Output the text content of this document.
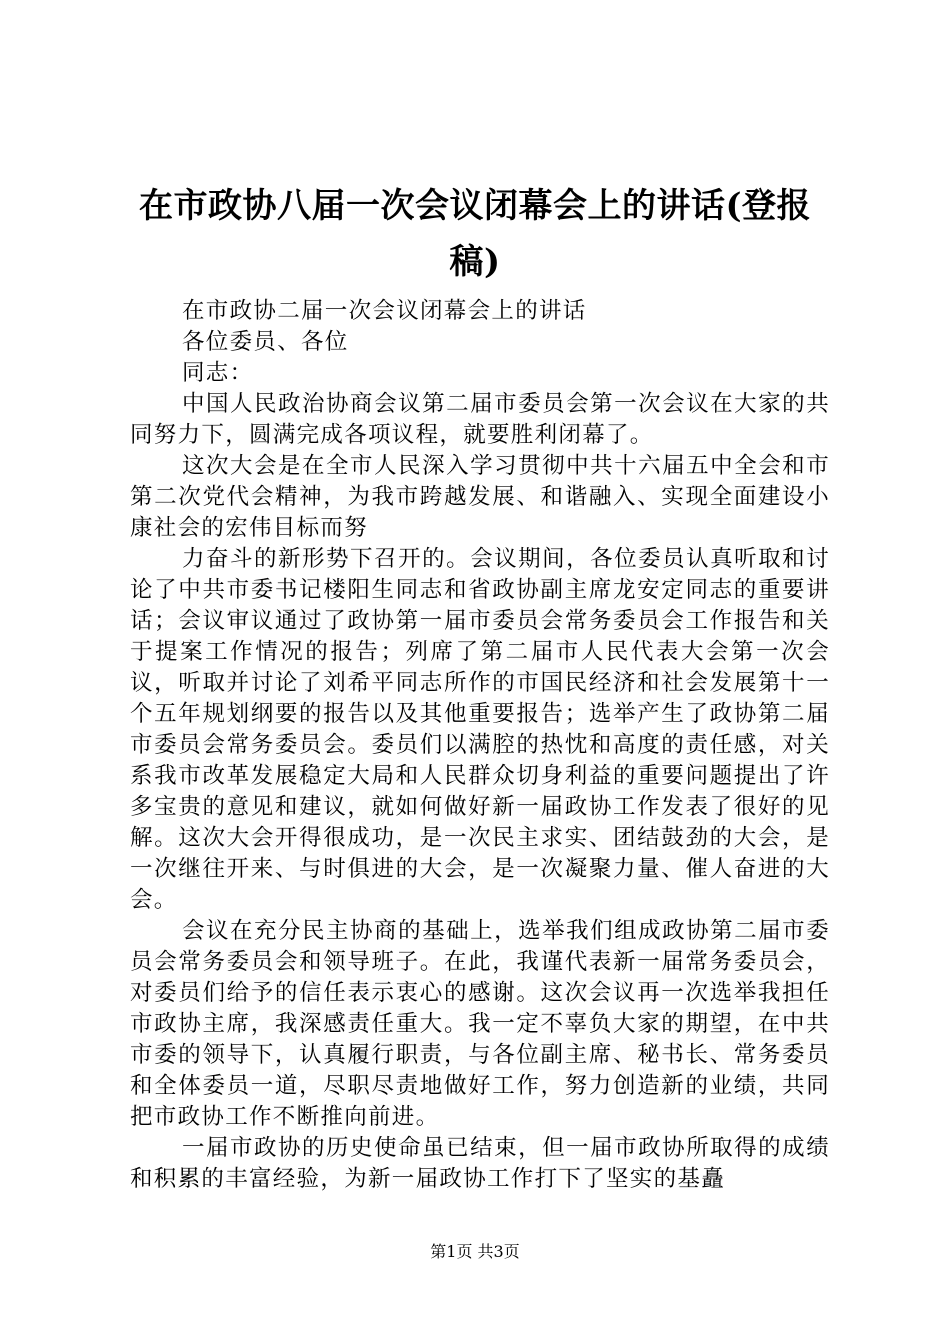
在市政协八届一次会议闭幕会上的讲话(登报稿)

在市政协二届一次会议闭幕会上的讲话

各位委员、各位

同志：

中国人民政治协商会议第二届市委员会第一次会议在大家的共同努力下，圆满完成各项议程，就要胜利闭幕了。

这次大会是在全市人民深入学习贯彻中共十六届五中全会和市第二次党代会精神，为我市跨越发展、和谐融入、实现全面建设小康社会的宏伟目标而努

力奋斗的新形势下召开的。会议期间，各位委员认真听取和讨论了中共市委书记楼阳生同志和省政协副主席龙安定同志的重要讲话；会议审议通过了政协第一届市委员会常务委员会工作报告和关于提案工作情况的报告；列席了第二届市人民代表大会第一次会议，听取并讨论了刘希平同志所作的市国民经济和社会发展第十一个五年规划纲要的报告以及其他重要报告；选举产生了政协第二届市委员会常务委员会。委员们以满腔的热忱和高度的责任感，对关系我市改革发展稳定大局和人民群众切身利益的重要问题提出了许多宝贵的意见和建议，就如何做好新一届政协工作发表了很好的见解。这次大会开得很成功，是一次民主求实、团结鼓劲的大会，是一次继往开来、与时俱进的大会，是一次凝聚力量、催人奋进的大会。

会议在充分民主协商的基础上，选举我们组成政协第二届市委员会常务委员会和领导班子。在此，我谨代表新一届常务委员会，对委员们给予的信任表示衷心的感谢。这次会议再一次选举我担任市政协主席，我深感责任重大。我一定不辜负大家的期望，在中共市委的领导下，认真履行职责，与各位副主席、秘书长、常务委员和全体委员一道，尽职尽责地做好工作，努力创造新的业绩，共同把市政协工作不断推向前进。

一届市政协的历史使命虽已结束，但一届市政协所取得的成绩和积累的丰富经验，为新一届政协工作打下了坚实的基矗

第1页 共3页
